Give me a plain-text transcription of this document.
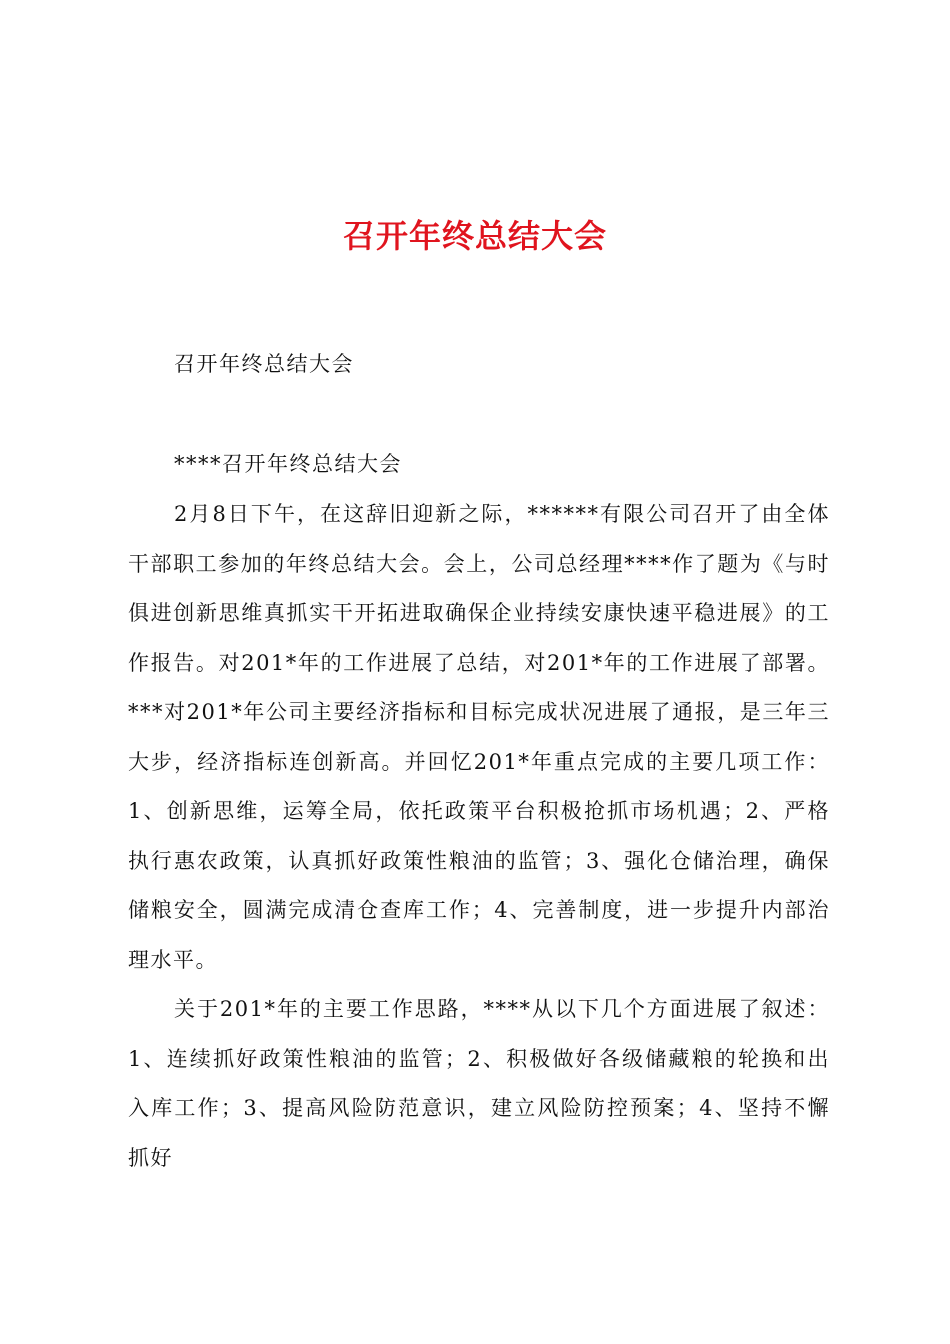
召开年终总结大会
召开年终总结大会
****召开年终总结大会

2月8日下午，在这辞旧迎新之际，******有限公司召开了由全体干部职工参加的年终总结大会。会上，公司总经理****作了题为《与时俱进创新思维真抓实干开拓进取确保企业持续安康快速平稳进展》的工作报告。对201*年的工作进展了总结，对201*年的工作进展了部署。***对201*年公司主要经济指标和目标完成状况进展了通报，是三年三大步，经济指标连创新高。并回忆201*年重点完成的主要几项工作：1、创新思维，运筹全局，依托政策平台积极抢抓市场机遇；2、严格执行惠农政策，认真抓好政策性粮油的监管；3、强化仓储治理，确保储粮安全，圆满完成清仓查库工作；4、完善制度，进一步提升内部治理水平。

关于201*年的主要工作思路，****从以下几个方面进展了叙述：1、连续抓好政策性粮油的监管；2、积极做好各级储藏粮的轮换和出入库工作；3、提高风险防范意识，建立风险防控预案；4、坚持不懈抓好
